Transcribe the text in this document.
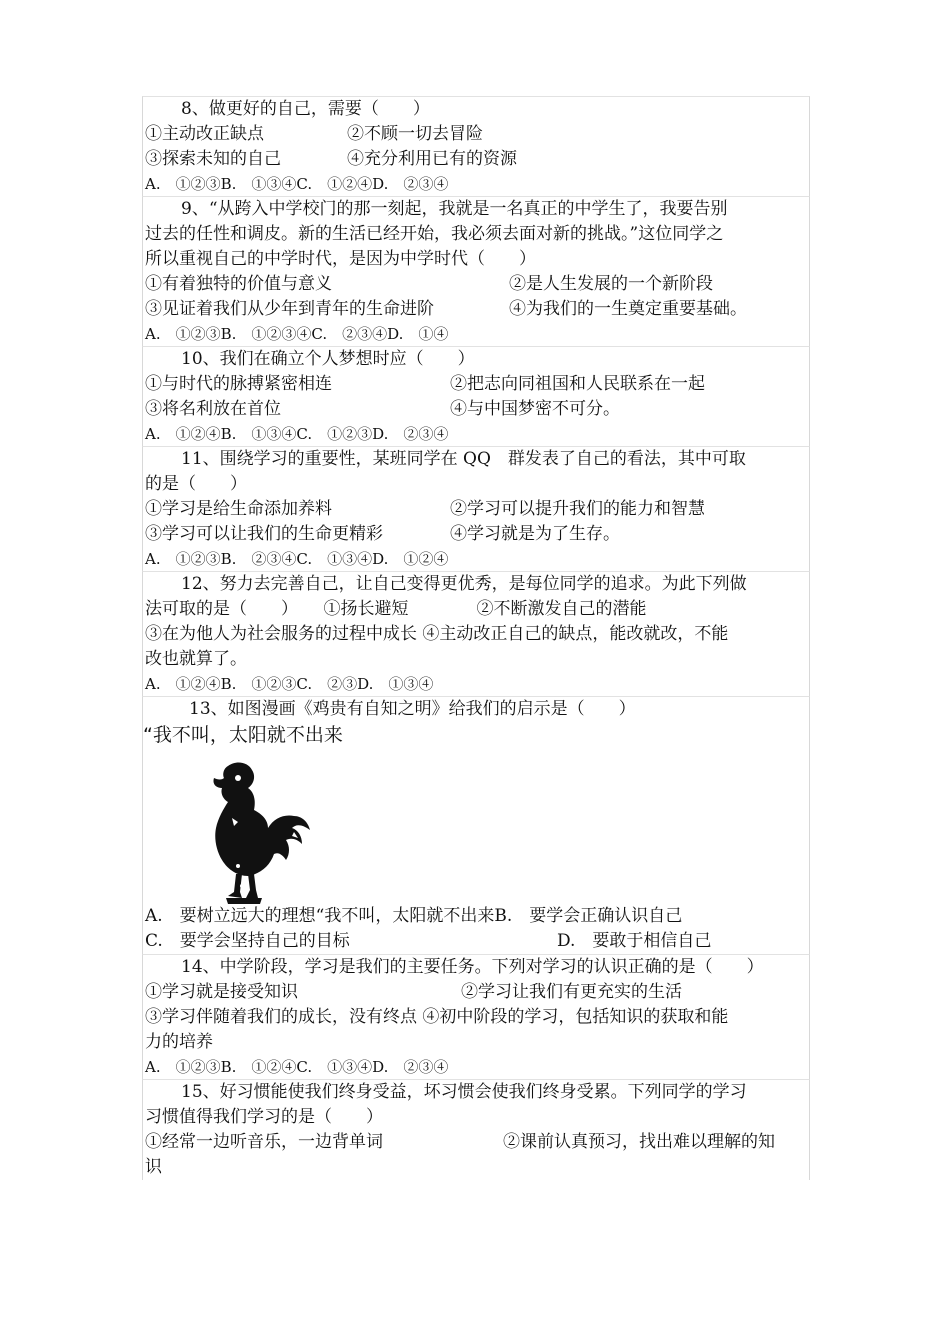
8、做更好的自己，需要（　　）
①主动改正缺点	②不顾一切去冒险
③探索未知的自己	④充分利用已有的资源
A.　①②③B.　①③④C.　①②④D.　②③④
9、“从跨入中学校门的那一刻起，我就是一名真正的中学生了，我要告别
过去的任性和调皮。新的生活已经开始，我必须去面对新的挑战。”这位同学之
所以重视自己的中学时代，是因为中学时代（　　）
①有着独特的价值与意义	②是人生发展的一个新阶段
③见证着我们从少年到青年的生命进阶	④为我们的一生奠定重要基础。
A.　①②③B.　①②③④C.　②③④D.　①④
10、我们在确立个人梦想时应（　　）
①与时代的脉搏紧密相连	②把志向同祖国和人民联系在一起
③将名利放在首位	④与中国梦密不可分。
A.　①②④B.　①③④C.　①②③D.　②③④
11、围绕学习的重要性，某班同学在 QQ　群发表了自己的看法，其中可取
的是（　　）
①学习是给生命添加养料	②学习可以提升我们的能力和智慧
③学习可以让我们的生命更精彩	④学习就是为了生存。
A.　①②③B.　②③④C.　①③④D.　①②④
12、努力去完善自己，让自己变得更优秀，是每位同学的追求。为此下列做
法可取的是（　　）　　①扬长避短　　　　②不断激发自己的潜能
③在为他人为社会服务的过程中成长 ④主动改正自己的缺点，能改就改，不能
改也就算了。
A.　①②④B.　①②③C.　②③D.　①③④
13、如图漫画《鸡贵有自知之明》给我们的启示是（　　）
“我不叫，太阳就不出来
A.　要树立远大的理想“我不叫，太阳就不出来B.　要学会正确认识自己
C.　要学会坚持自己的目标	D.　要敢于相信自己
14、中学阶段，学习是我们的主要任务。下列对学习的认识正确的是（　　）
①学习就是接受知识	②学习让我们有更充实的生活
③学习伴随着我们的成长，没有终点 ④初中阶段的学习，包括知识的获取和能
力的培养
A.　①②③B.　①②④C.　①③④D.　②③④
15、好习惯能使我们终身受益，坏习惯会使我们终身受累。下列同学的学习
习惯值得我们学习的是（　　）
①经常一边听音乐，一边背单词	②课前认真预习，找出难以理解的知
识
